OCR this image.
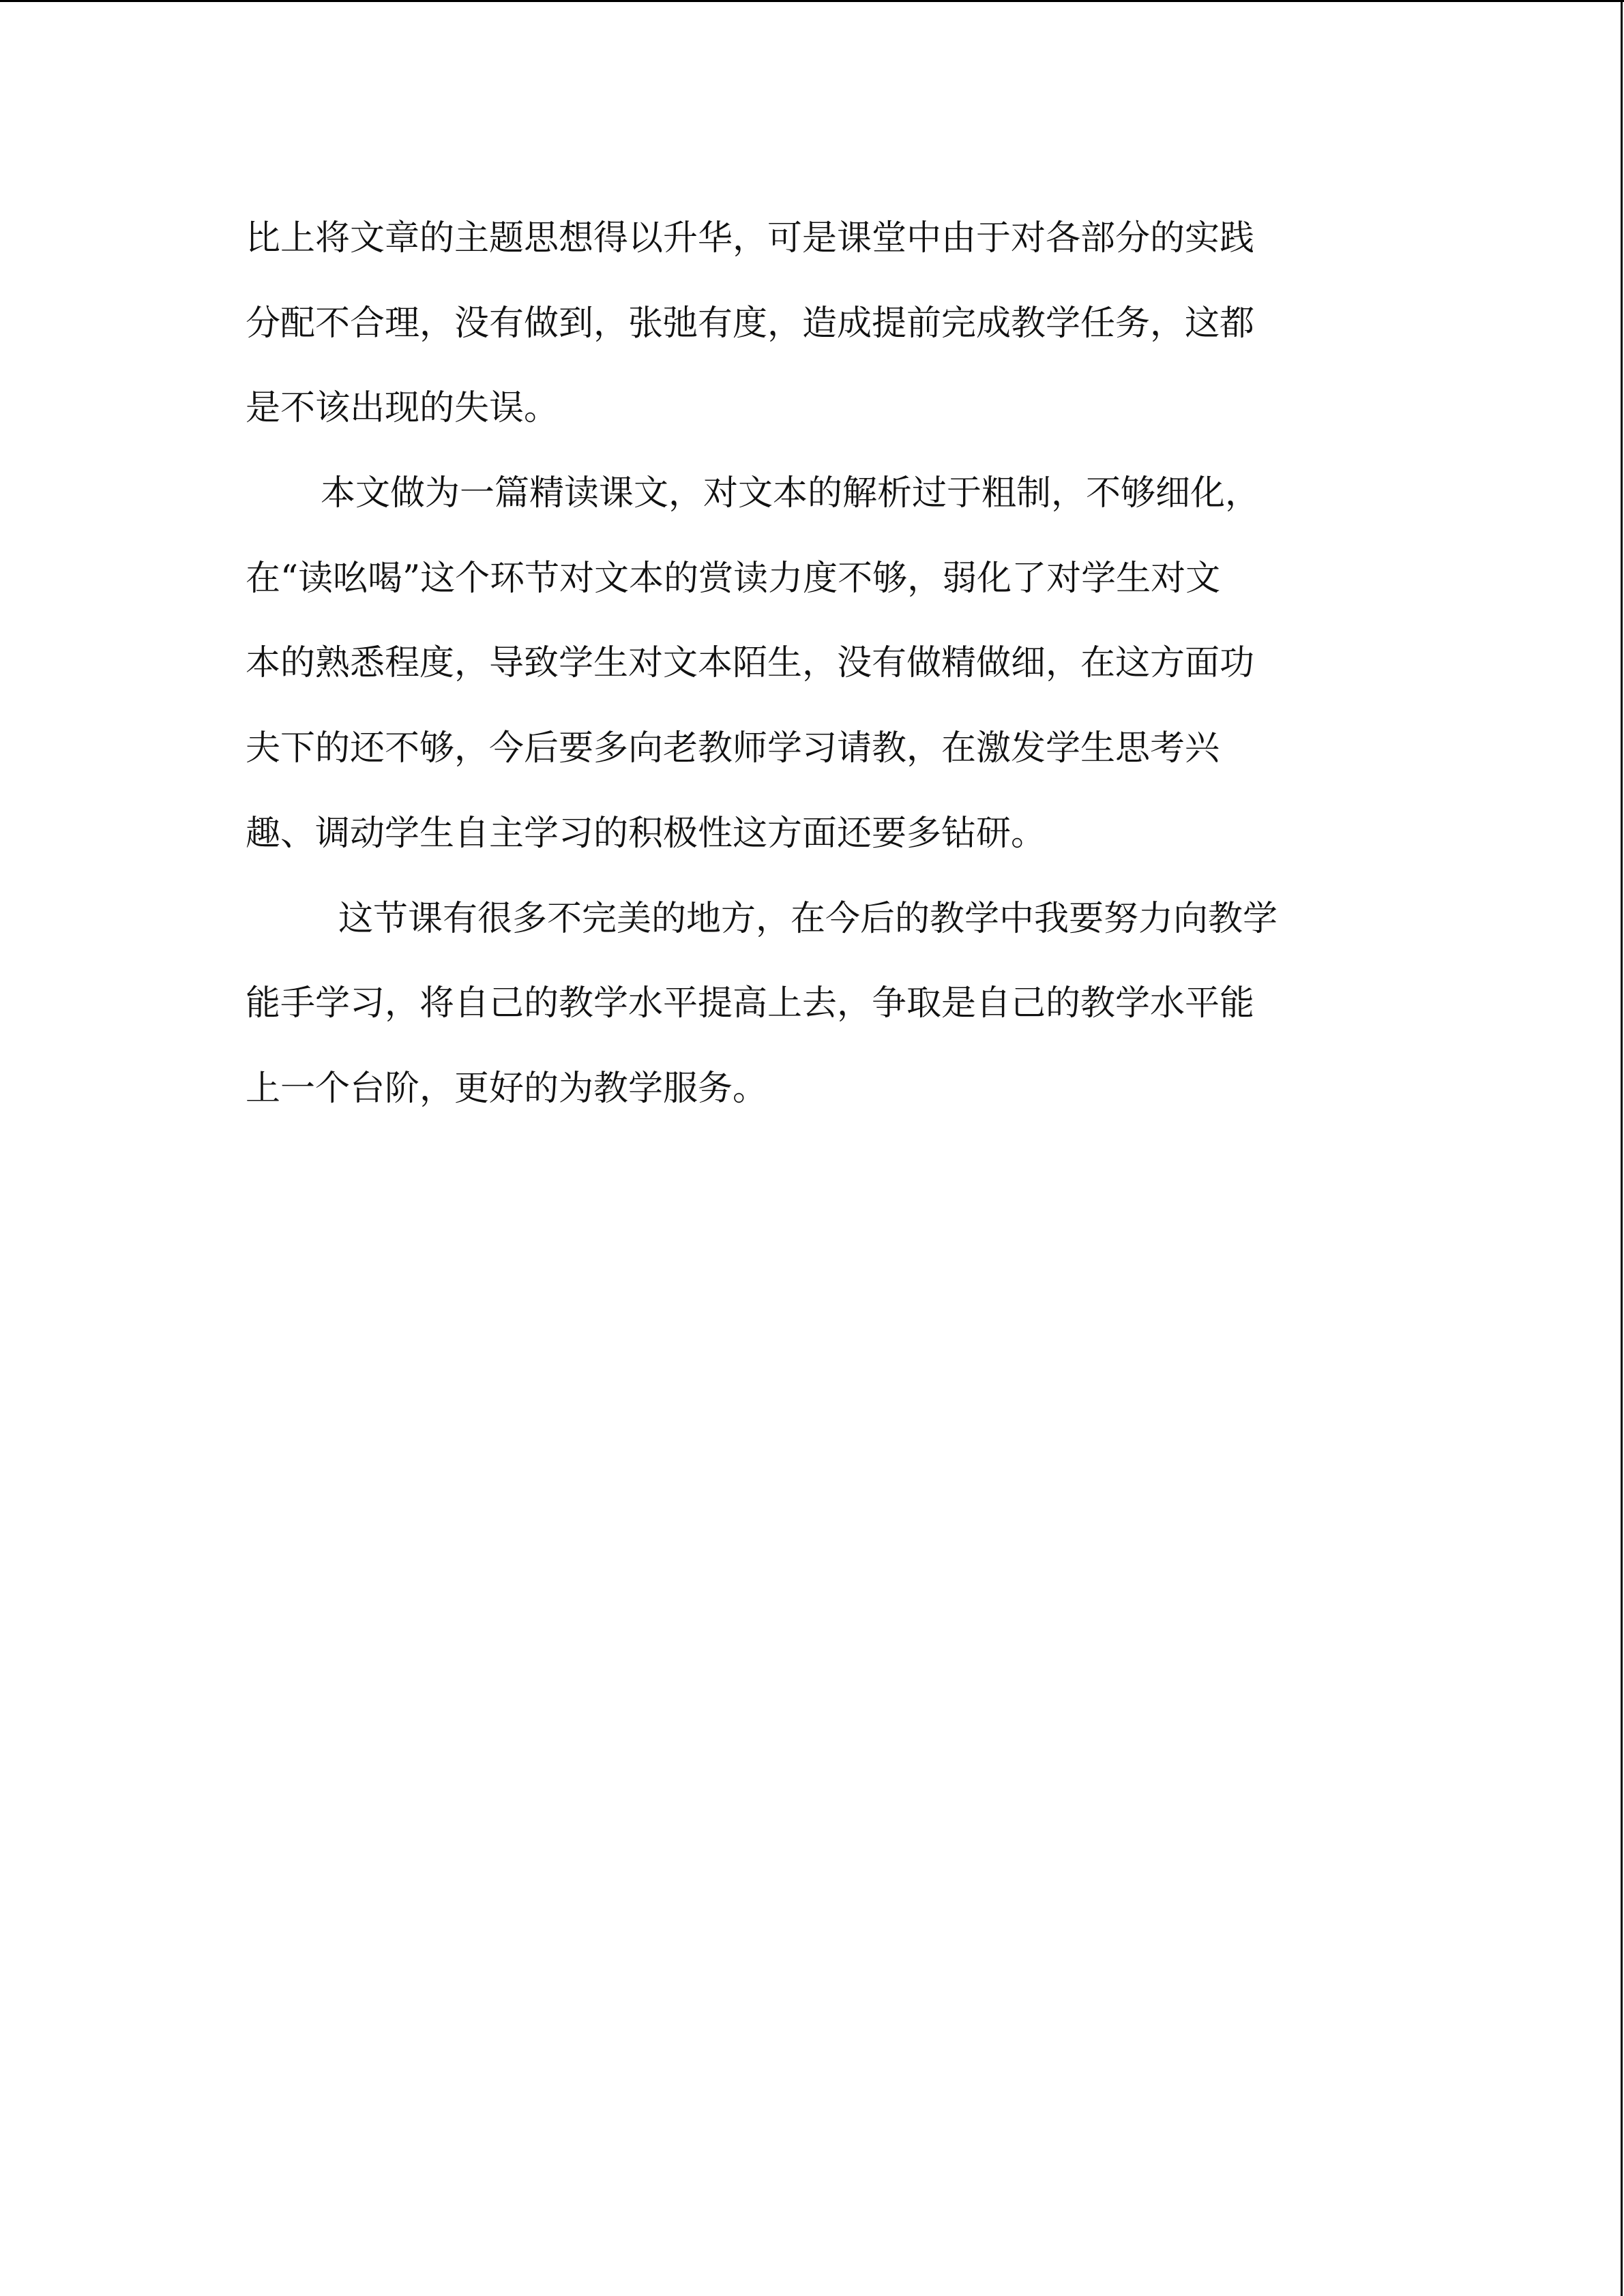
比上将文章的主题思想得以升华，可是课堂中由于对各部分的实践

分配不合理，没有做到，张弛有度，造成提前完成教学任务，这都

是不该出现的失误。

本文做为一篇精读课文，对文本的解析过于粗制，不够细化，

在“读吆喝”这个环节对文本的赏读力度不够，弱化了对学生对文

本的熟悉程度，导致学生对文本陌生，没有做精做细，在这方面功

夫下的还不够，今后要多向老教师学习请教，在激发学生思考兴

趣、调动学生自主学习的积极性这方面还要多钻研。

这节课有很多不完美的地方，在今后的教学中我要努力向教学

能手学习，将自己的教学水平提高上去，争取是自己的教学水平能

上一个台阶，更好的为教学服务。
